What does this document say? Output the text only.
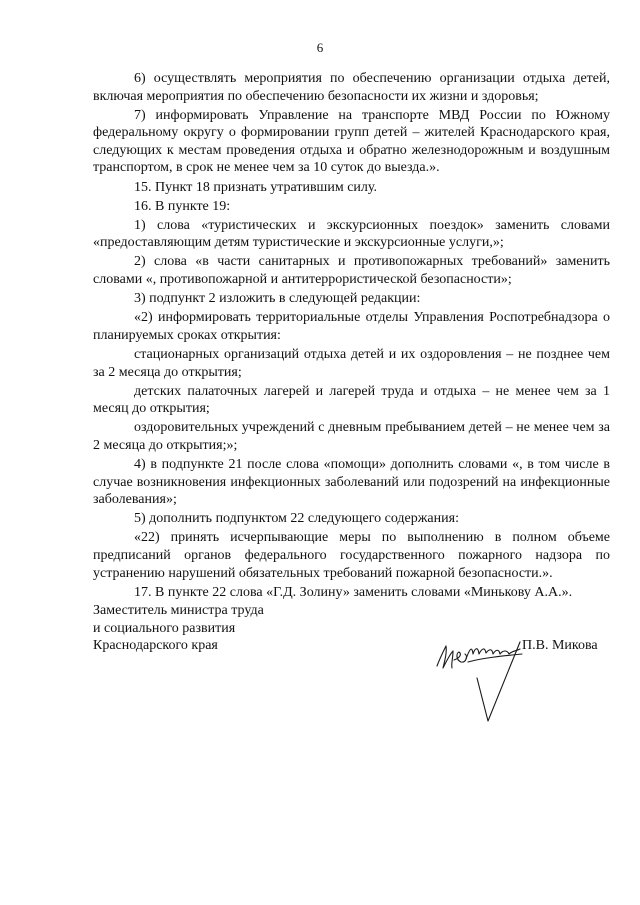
6

6) осуществлять мероприятия по обеспечению организации отдыха детей, включая мероприятия по обеспечению безопасности их жизни и здоровья;

7) информировать Управление на транспорте МВД России по Южному федеральному округу о формировании групп детей – жителей Краснодарского края, следующих к местам проведения отдыха и обратно железнодорожным и воздушным транспортом, в срок не менее чем за 10 суток до выезда.».

15. Пункт 18 признать утратившим силу.

16. В пункте 19:

1) слова «туристических и экскурсионных поездок» заменить словами «предоставляющим детям туристические и экскурсионные услуги,»;

2) слова «в части санитарных и противопожарных требований» заменить словами «, противопожарной и антитеррористической безопасности»;

3) подпункт 2 изложить в следующей редакции:

«2) информировать территориальные отделы Управления Роспотребнадзора о планируемых сроках открытия:

стационарных организаций отдыха детей и их оздоровления – не позднее чем за 2 месяца до открытия;

детских палаточных лагерей и лагерей труда и отдыха – не менее чем за 1 месяц до открытия;

оздоровительных учреждений с дневным пребыванием детей – не менее чем за 2 месяца до открытия;»;

4) в подпункте 21 после слова «помощи» дополнить словами «, в том числе в случае возникновения инфекционных заболеваний или подозрений на инфекционные заболевания»;

5) дополнить подпунктом 22 следующего содержания:

«22) принять исчерпывающие меры по выполнению в полном объеме предписаний органов федерального государственного пожарного надзора по устранению нарушений обязательных требований пожарной безопасности.».

17. В пункте 22 слова «Г.Д. Золину» заменить словами «Минькову А.А.».

Заместитель министра труда
и социального развития
Краснодарского края	П.В. Микова
